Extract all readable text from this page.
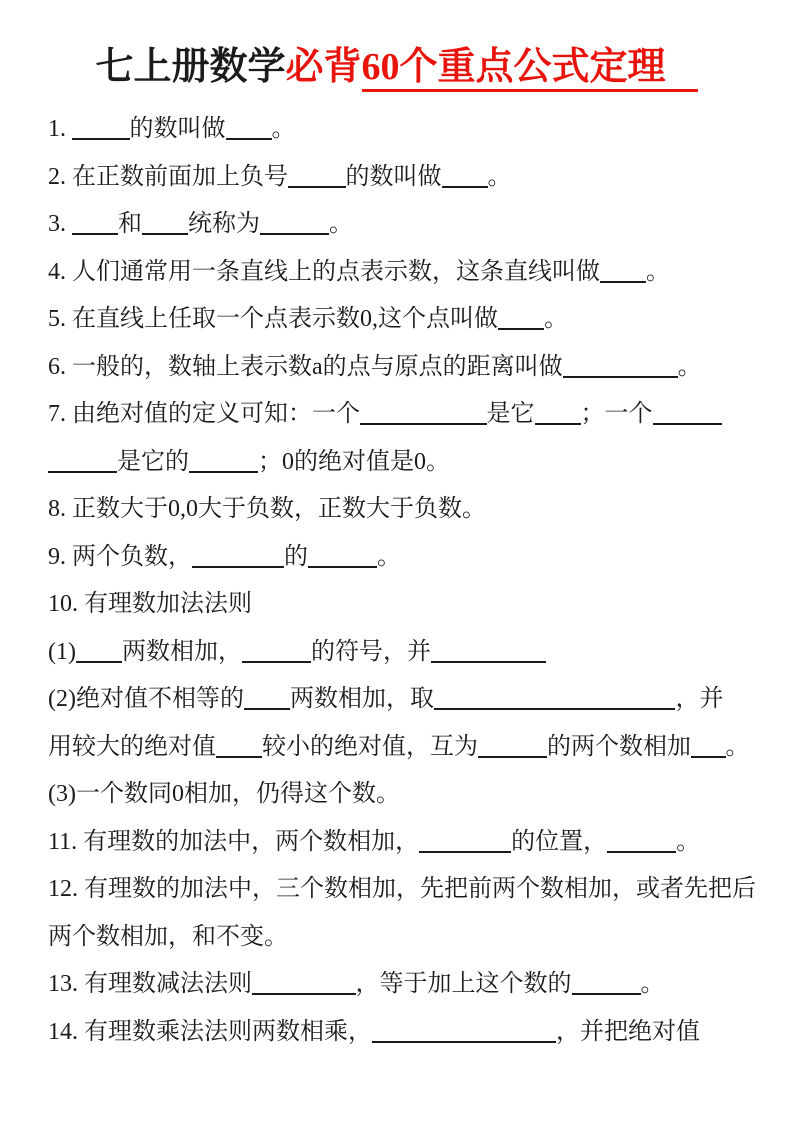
七上册数学必背60个重点公式定理

1. 的数叫做 。

2. 在正数前面加上负号 的数叫做 。

3. 和 统称为	。

4. 人们通常用一条直线上的点表示数，这条直线叫做 。

5. 在直线上任取一个点表示数0,这个点叫做 。

6. 一般的，数轴上表示数a的点与原点的距离叫做	。

7. 由绝对值的定义可知：一个	是它 ；一个

是它的	；0的绝对值是0。

8. 正数大于0,0大于负数，正数大于负数。

9. 两个负数，	的	。

10. 有理数加法法则

(1) 两数相加，	的符号，并

(2)绝对值不相等的 两数相加，取	，并

用较大的绝对值 较小的绝对值，互为	的两个数相加 。

(3)一个数同0相加，仍得这个数。

11. 有理数的加法中，两个数相加，	的位置，	。

12. 有理数的加法中，三个数相加，先把前两个数相加，或者先把后

两个数相加，和不变。

13. 有理数减法法则	，等于加上这个数的	。

14. 有理数乘法法则两数相乘，	，并把绝对值
